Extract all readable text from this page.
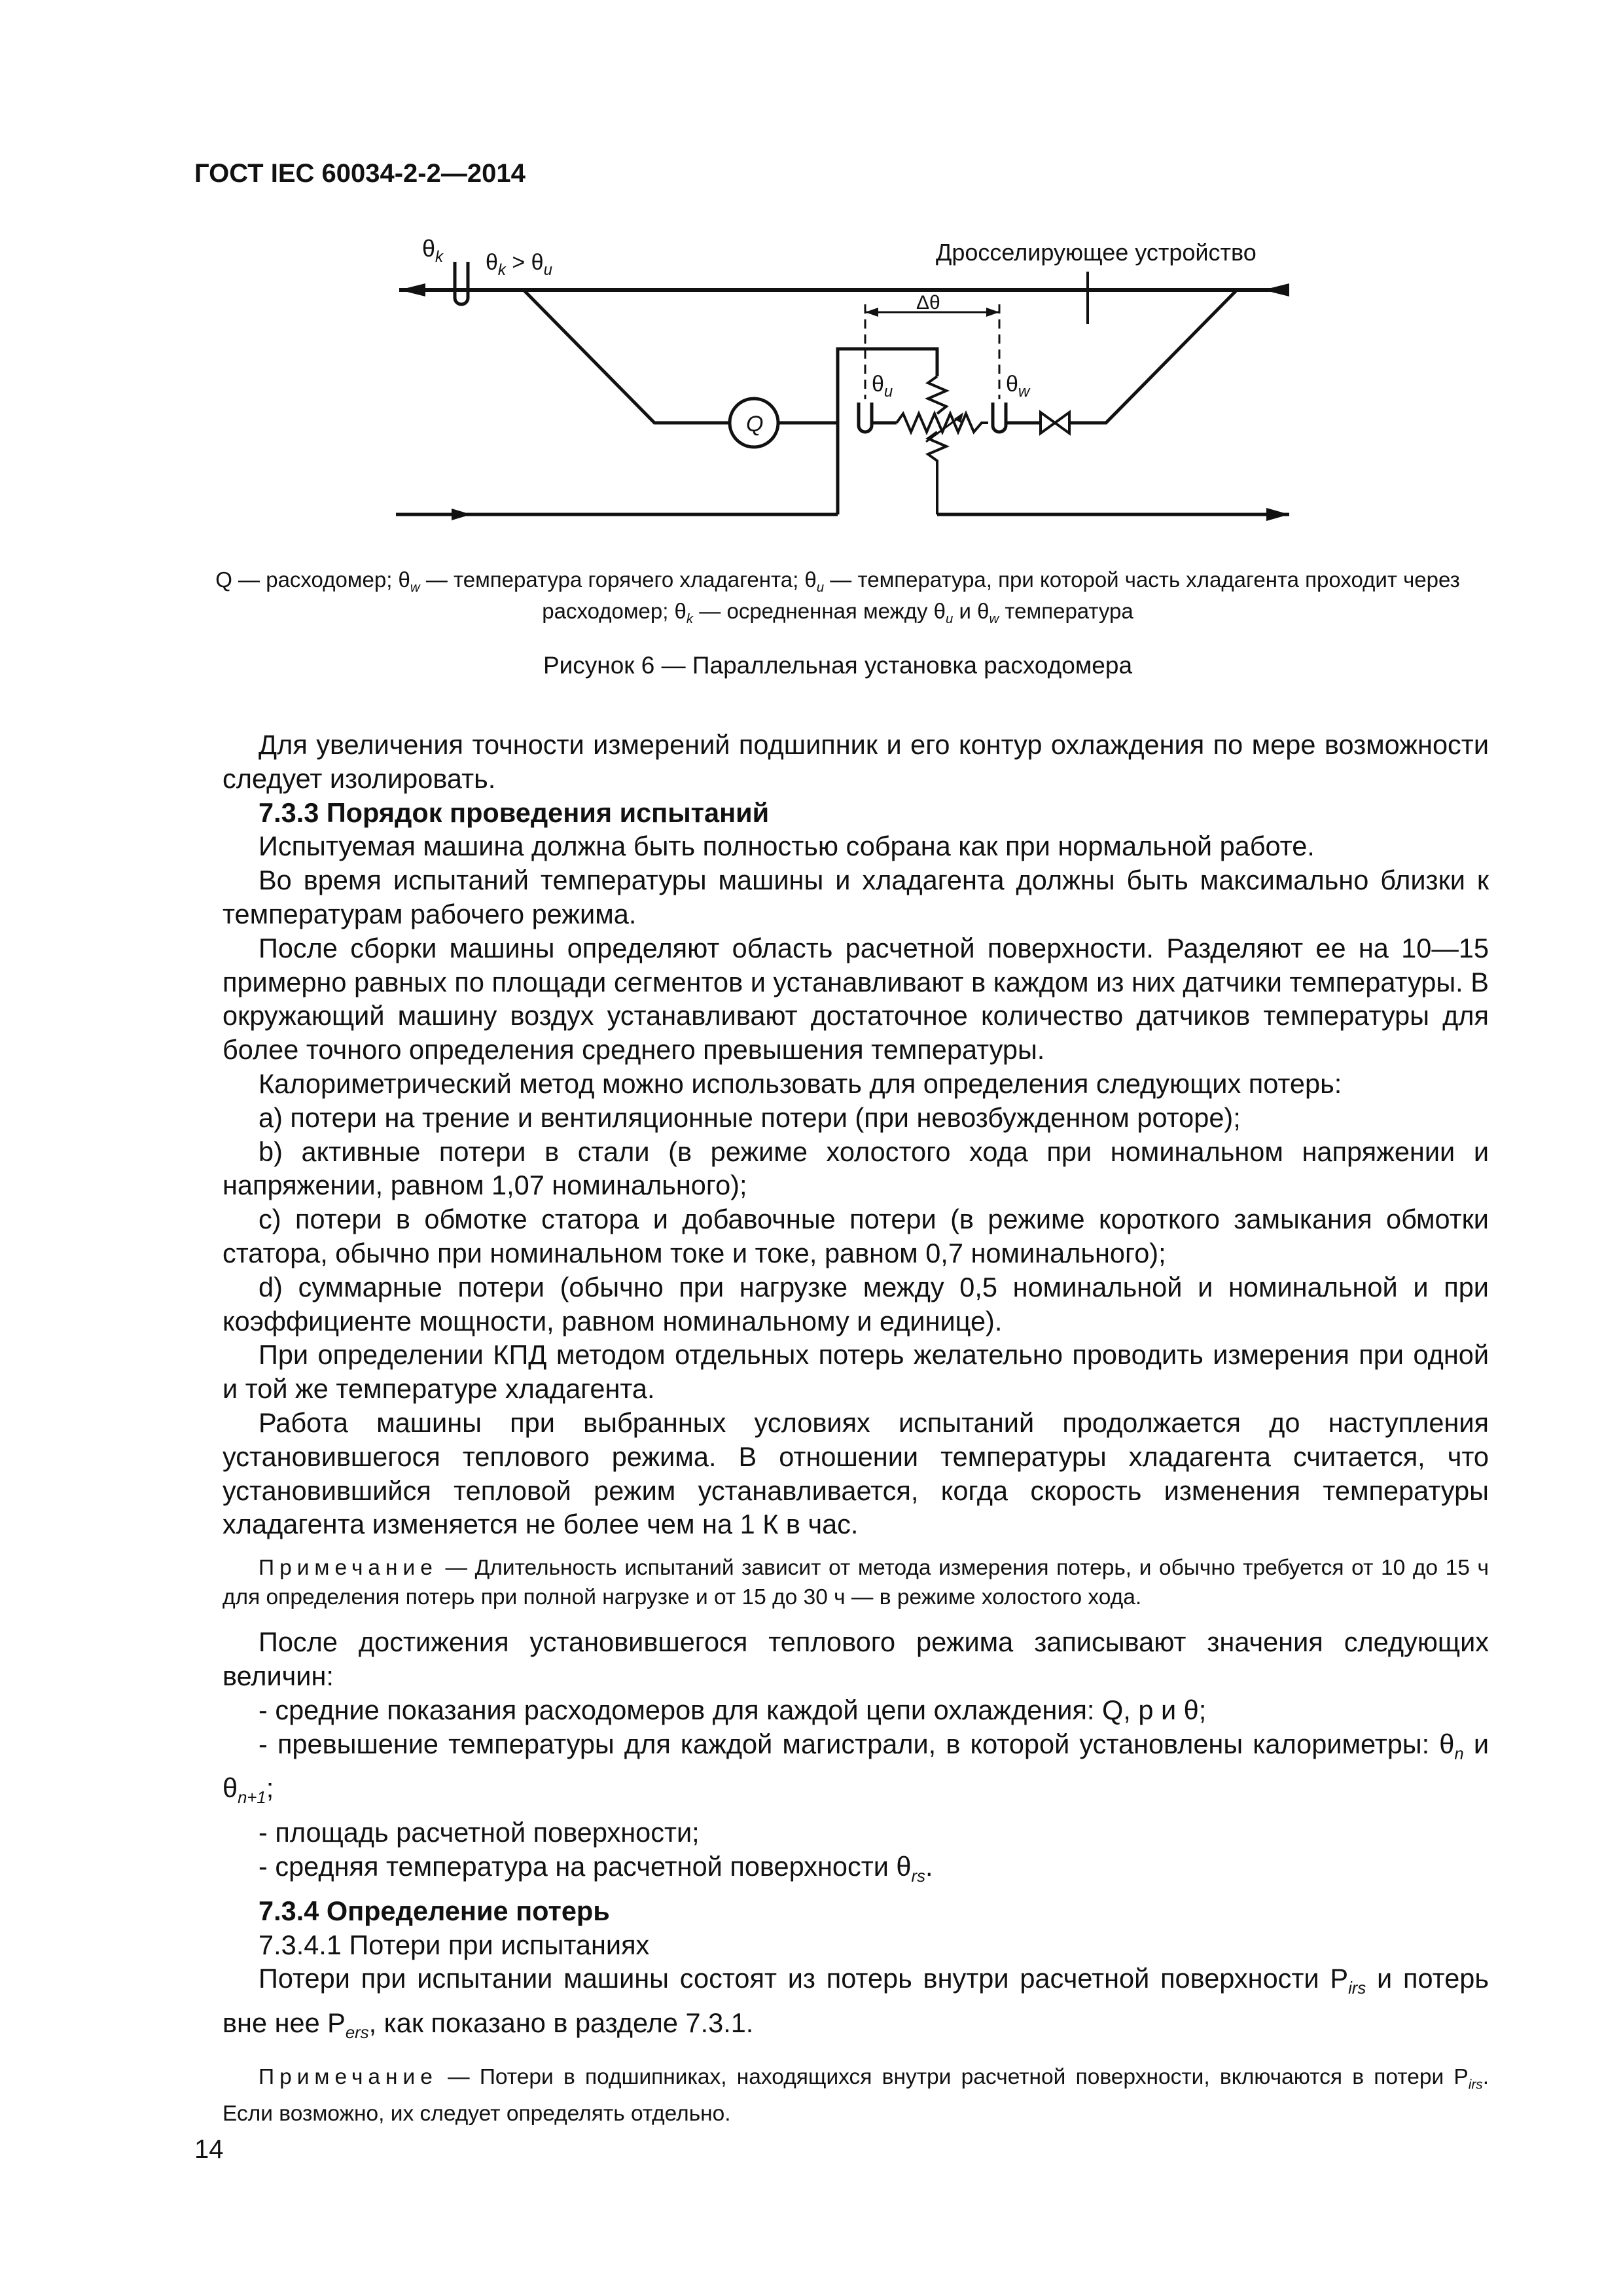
ГОСТ IEC 60034-2-2—2014
$\theta_k$ $\theta_k > \theta_u$
Дросселирующее устройство
Δθ
$\theta_u$	$\theta_w$
Q
Q — расходомер; $\theta_w$ — температура горячего хладагента; $\theta_u$ — температура, при которой часть хладагента проходит через
расходомер; $\theta_k$ — осредненная между $\theta_u$ и $\theta_w$ температура
Рисунок 6 — Параллельная установка расходомера

Для увеличения точности измерений подшипник и его контур охлаждения по мере возможности следует изолировать.

7.3.3 Порядок проведения испытаний

Испытуемая машина должна быть полностью собрана как при нормальной работе.

Во время испытаний температуры машины и хладагента должны быть максимально близки к температурам рабочего режима.

После сборки машины определяют область расчетной поверхности. Разделяют ее на 10—15 примерно равных по площади сегментов и устанавливают в каждом из них датчики температуры. В окружающий машину воздух устанавливают достаточное количество датчиков температуры для более точного определения среднего превышения температуры.

Калориметрический метод можно использовать для определения следующих потерь:

a) потери на трение и вентиляционные потери (при невозбужденном роторе);

b) активные потери в стали (в режиме холостого хода при номинальном напряжении и напряжении, равном 1,07 номинального);

c) потери в обмотке статора и добавочные потери (в режиме короткого замыкания обмотки статора, обычно при номинальном токе и токе, равном 0,7 номинального);

d) суммарные потери (обычно при нагрузке между 0,5 номинальной и номинальной и при коэффициенте мощности, равном номинальному и единице).

При определении КПД методом отдельных потерь желательно проводить измерения при одной и той же температуре хладагента.

Работа машины при выбранных условиях испытаний продолжается до наступления установившегося теплового режима. В отношении температуры хладагента считается, что установившийся тепловой режим устанавливается, когда скорость изменения температуры хладагента изменяется не более чем на 1 К в час.

Примечание — Длительность испытаний зависит от метода измерения потерь, и обычно требуется от 10 до 15 ч для определения потерь при полной нагрузке и от 15 до 30 ч — в режиме холостого хода.

После достижения установившегося теплового режима записывают значения следующих величин:

- средние показания расходомеров для каждой цепи охлаждения: Q, p и θ;

- превышение температуры для каждой магистрали, в которой установлены калориметры: $\theta_n$ и $\theta_{n+1}$;

- площадь расчетной поверхности;

- средняя температура на расчетной поверхности $\theta_{rs}$.

7.3.4 Определение потерь

7.3.4.1 Потери при испытаниях

Потери при испытании машины состоят из потерь внутри расчетной поверхности $P_{irs}$ и потерь вне нее $P_{ers}$, как показано в разделе 7.3.1.

Примечание — Потери в подшипниках, находящихся внутри расчетной поверхности, включаются в потери $P_{irs}$. Если возможно, их следует определять отдельно.

14
